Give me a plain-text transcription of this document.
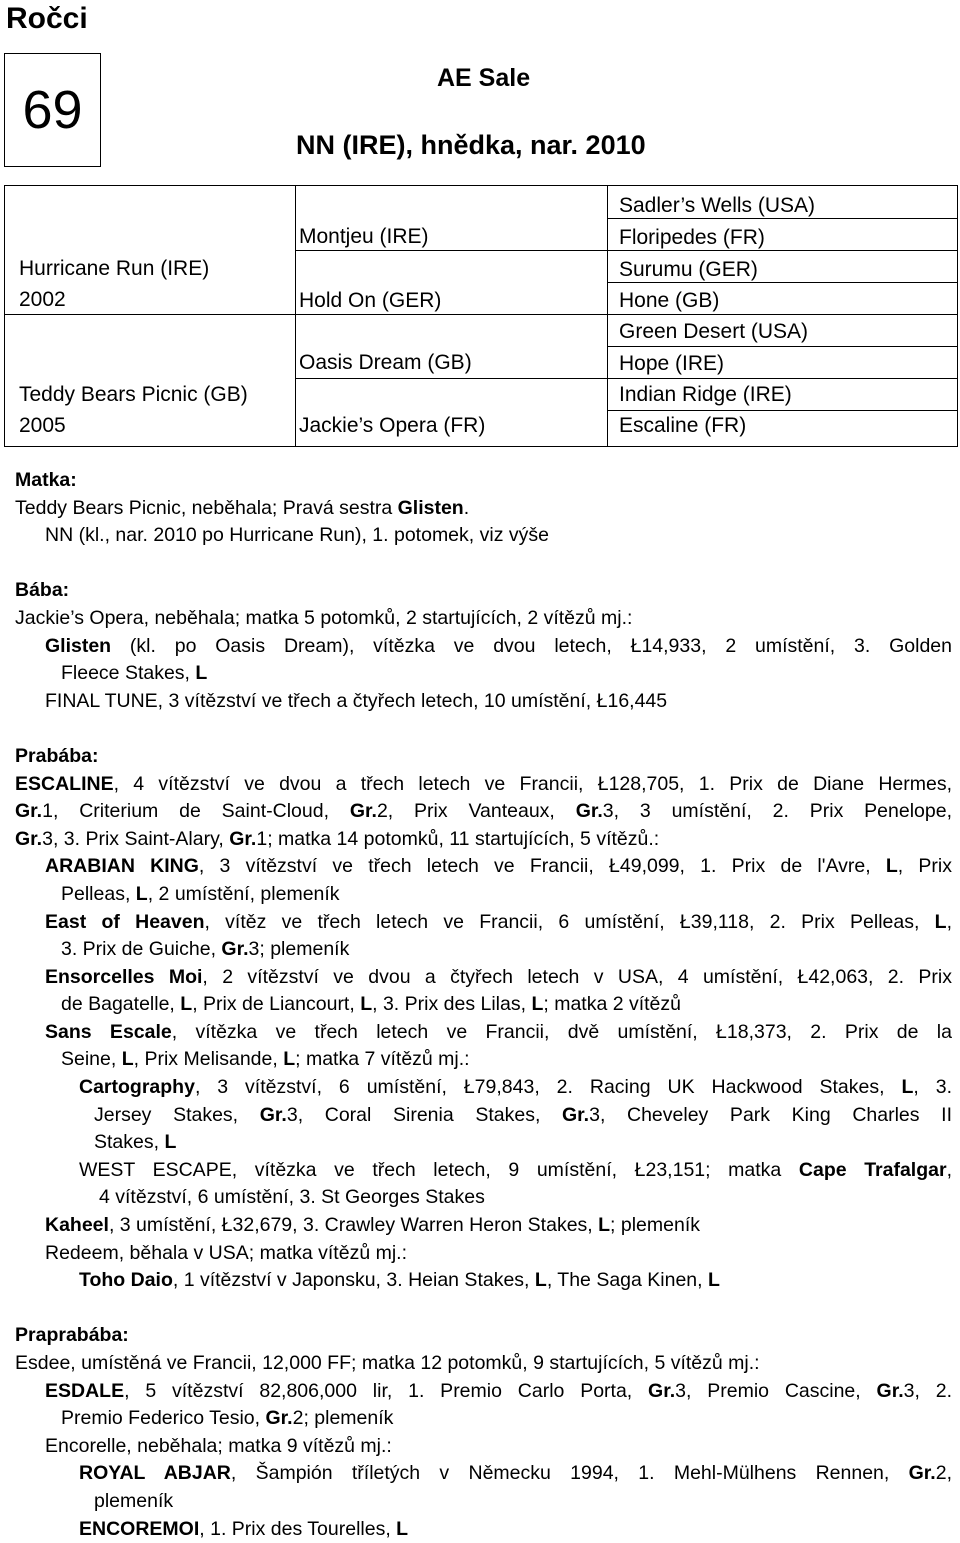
Ročci
69
AE Sale
NN (IRE), hnědka, nar. 2010
Hurricane Run (IRE)
2002
Teddy Bears Picnic (GB)
2005
Montjeu (IRE)
Hold On (GER)
Oasis Dream (GB)
Jackie’s Opera (FR)
Sadler’s Wells (USA)
Floripedes (FR)
Surumu (GER)
Hone (GB)
Green Desert (USA)
Hope (IRE)
Indian Ridge (IRE)
Escaline (FR)
Matka:
Teddy Bears Picnic, neběhala; Pravá sestra Glisten.
NN (kl., nar. 2010 po Hurricane Run), 1. potomek, viz výše
Bába:
Jackie’s Opera, neběhala; matka 5 potomků, 2 startujících, 2 vítězů mj.:
Glisten (kl. po Oasis Dream), vítězka ve dvou letech, Ł14,933, 2 umístění, 3. Golden
Fleece Stakes, L
FINAL TUNE, 3 vítězství ve třech a čtyřech letech, 10 umístění, Ł16,445
Prabába:
ESCALINE, 4 vítězství ve dvou a třech letech ve Francii, Ł128,705, 1. Prix de Diane Hermes,
Gr.1, Criterium de Saint-Cloud, Gr.2, Prix Vanteaux, Gr.3, 3 umístění, 2. Prix Penelope,
Gr.3, 3. Prix Saint-Alary, Gr.1; matka 14 potomků, 11 startujících, 5 vítězů.:
ARABIAN KING, 3 vítězství ve třech letech ve Francii, Ł49,099, 1. Prix de l'Avre, L, Prix
Pelleas, L, 2 umístění, plemeník
East of Heaven, vítěz ve třech letech ve Francii, 6 umístění, Ł39,118, 2. Prix Pelleas, L,
3. Prix de Guiche, Gr.3; plemeník
Ensorcelles Moi, 2 vítězství ve dvou a čtyřech letech v USA, 4 umístění, Ł42,063, 2. Prix
de Bagatelle, L, Prix de Liancourt, L, 3. Prix des Lilas, L; matka 2 vítězů
Sans Escale, vítězka ve třech letech ve Francii, dvě umístění, Ł18,373, 2. Prix de la
Seine, L, Prix Melisande, L; matka 7 vítězů mj.:
Cartography, 3 vítězství, 6 umístění, Ł79,843, 2. Racing UK Hackwood Stakes, L, 3.
Jersey Stakes, Gr.3, Coral Sirenia Stakes, Gr.3, Cheveley Park King Charles II
Stakes, L
WEST ESCAPE, vítězka ve třech letech, 9 umístění, Ł23,151; matka Cape Trafalgar,
4 vítězství, 6 umístění, 3. St Georges Stakes
Kaheel, 3 umístění, Ł32,679, 3. Crawley Warren Heron Stakes, L; plemeník
Redeem, běhala v USA; matka vítězů mj.:
Toho Daio, 1 vítězství v Japonsku, 3. Heian Stakes, L, The Saga Kinen, L
Praprabába:
Esdee, umístěná ve Francii, 12,000 FF; matka 12 potomků, 9 startujících, 5 vítězů mj.:
ESDALE, 5 vítězství 82,806,000 lir, 1. Premio Carlo Porta, Gr.3, Premio Cascine, Gr.3, 2.
Premio Federico Tesio, Gr.2; plemeník
Encorelle, neběhala; matka 9 vítězů mj.:
ROYAL ABJAR, Šampión tříletých v Německu 1994, 1. Mehl-Mülhens Rennen, Gr.2,
plemeník
ENCOREMOI, 1. Prix des Tourelles, L
